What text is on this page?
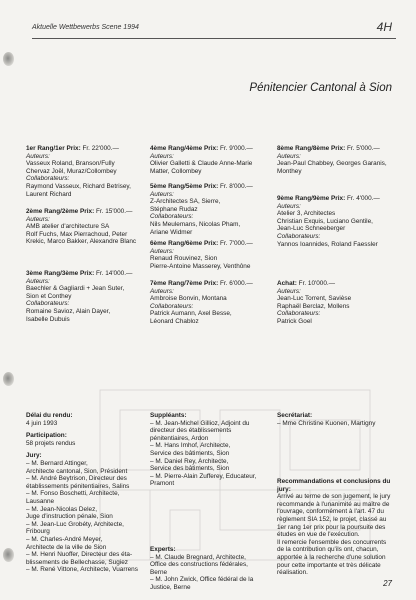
Aktuelle Wettbewerbs Scene 1994	4H
Pénitencier Cantonal à Sion
1er Rang/1er Prix: Fr. 22'000.—
Auteurs:
Vasseux Roland, Branson/Fully
Chervaz Joël, Muraz/Collombey
Collaborateurs:
Raymond Vasseux, Richard Betrisey,
Laurent Richard
2ème Rang/2ème Prix: Fr. 15'000.—
Auteurs:
AMB atelier d'architecture SA
Rolf Fuchs, Max Pierrachoud, Peter
Krekic, Marco Bakker, Alexandre Blanc
3ème Rang/3ème Prix: Fr. 14'000.—
Auteurs:
Baechler & Gagliardi + Jean Suter,
Sion et Conthey
Collaborateurs:
Romaine Savioz, Alain Dayer,
Isabelle Dubuis
4ème Rang/4ème Prix: Fr. 9'000.—
Auteurs:
Olivier Galletti & Claude Anne-Marie
Matter, Collombey
5ème Rang/5ème Prix: Fr. 8'000.—
Auteurs:
Z-Architectes SA, Sierre,
Stéphane Rudaz
Collaborateurs:
Nils Meulemans, Nicolas Pham,
Ariane Widmer
6ème Rang/6ème Prix: Fr. 7'000.—
Auteurs:
Renaud Rouvinez, Sion
Pierre-Antoine Masserey, Venthône
7ème Rang/7ème Prix: Fr. 6'000.—
Auteurs:
Ambroise Bonvin, Montana
Collaborateurs:
Patrick Aumann, Axel Besse,
Léonard Chabloz
8ème Rang/8ème Prix: Fr. 5'000.—
Auteurs:
Jean-Paul Chabbey, Georges Garanis,
Monthey
9ème Rang/9ème Prix: Fr. 4'000.—
Auteurs:
Atelier 3, Architectes
Christian Exquis, Luciano Gentile,
Jean-Luc Schneeberger
Collaborateurs:
Yannos Ioannides, Roland Faessler
Achat: Fr. 10'000.—
Auteurs:
Jean-Luc Torrent, Savièse
Raphaël Berclaz, Mollens
Collaborateurs:
Patrick Goel
Délai du rendu:
4 juin 1993
Participation:
58 projets rendus
Jury:
– M. Bernard Attinger,
Architecte cantonal, Sion, Président
– M. André Beytrison, Directeur des
établissements pénitentiaires, Salins
– M. Fonso Boschetti, Architecte,
Lausanne
– M. Jean-Nicolas Delez,
Juge d'instruction pénale, Sion
– M. Jean-Luc Grobéty, Architecte,
Fribourg
– M. Charles-André Meyer,
Architecte de la ville de Sion
– M. Henri Nuoffer, Directeur des éta-
blissements de Bellechasse, Sugiez
– M. René Vittone, Architecte, Vuarrens
Suppléants:
– M. Jean-Michel Gillioz, Adjoint du
directeur des établissements
pénitentiaires, Ardon
– M. Hans Imhof, Architecte,
Service des bâtiments, Sion
– M. Daniel Rey, Architecte,
Service des bâtiments, Sion
– M. Pierre-Alain Zufferey, Educateur,
Pramont
Experts:
– M. Claude Bregnard, Architecte,
Office des constructions fédérales,
Berne
– M. John Zwick, Office fédéral de la
Justice, Berne
Secrétariat:
– Mme Christine Kuonen, Martigny
Recommandations et conclusions du jury:
Arrivé au terme de son jugement, le jury
recommande à l'unanimité au maître de
l'ouvrage, conformément à l'art. 47 du
règlement SIA 152, le projet, classé au
1er rang 1er prix pour la poursuite des
études en vue de l'exécution.
Il remercie l'ensemble des concurrents
de la contribution qu'ils ont, chacun,
apportée à la recherche d'une solution
pour cette importante et très délicate
réalisation.
27
